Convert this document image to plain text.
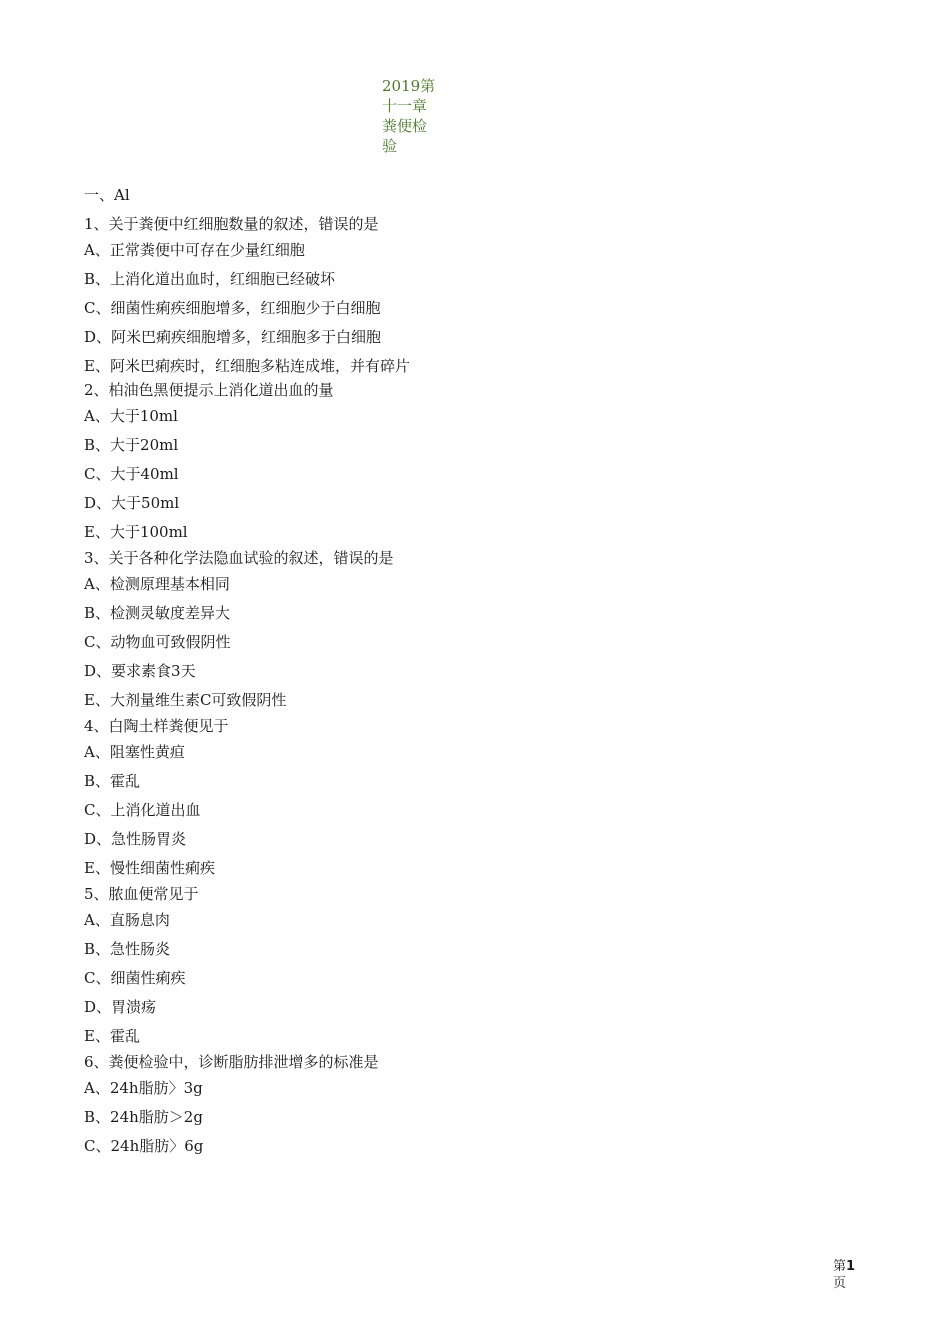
2019第十一章粪便检验
一、Al
1、关于粪便中红细胞数量的叙述，错误的是
A、正常粪便中可存在少量红细胞
B、上消化道出血时，红细胞已经破坏
C、细菌性痢疾细胞增多，红细胞少于白细胞
D、阿米巴痢疾细胞增多，红细胞多于白细胞
E、阿米巴痢疾时，红细胞多粘连成堆，并有碎片
2、柏油色黑便提示上消化道出血的量
A、大于10ml
B、大于20ml
C、大于40ml
D、大于50ml
E、大于100ml
3、关于各种化学法隐血试验的叙述，错误的是
A、检测原理基本相同
B、检测灵敏度差异大
C、动物血可致假阴性
D、要求素食3天
E、大剂量维生素C可致假阴性
4、白陶土样粪便见于
A、阻塞性黄疸
B、霍乱
C、上消化道出血
D、急性肠胃炎
E、慢性细菌性痢疾
5、脓血便常见于
A、直肠息肉
B、急性肠炎
C、细菌性痢疾
D、胃溃疡
E、霍乱
6、粪便检验中，诊断脂肪排泄增多的标准是
A、24h脂肪〉3g
B、24h脂肪＞2g
C、24h脂肪〉6g
第1页
